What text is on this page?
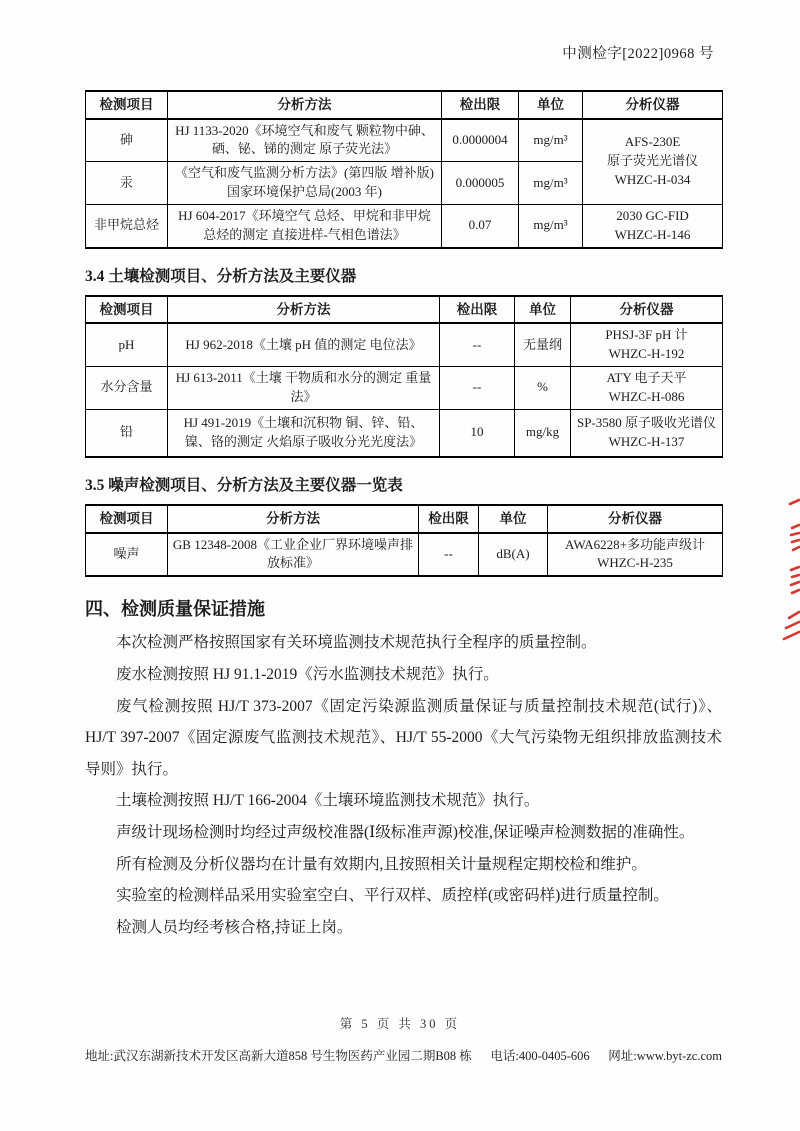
中测检字[2022]0968 号
检测项目	分析方法	检出限	单位	分析仪器
砷	HJ 1133-2020《环境空气和废气 颗粒物中砷、硒、铋、锑的测定 原子荧光法》	0.0000004	mg/m³	AFS-230E
原子荧光光谱仪
WHZC-H-034

汞	《空气和废气监测分析方法》(第四版 增补版)国家环境保护总局(2003 年)	0.000005	mg/m³	
非甲烷总烃	HJ 604-2017《环境空气 总烃、甲烷和非甲烷总烃的测定 直接进样-气相色谱法》	0.07	mg/m³	2030 GC-FID
WHZC-H-146
3.4 土壤检测项目、分析方法及主要仪器
检测项目	分析方法	检出限	单位	分析仪器
pH	HJ 962-2018《土壤 pH 值的测定 电位法》	--	无量纲	PHSJ-3F pH 计
WHZC-H-192

水分含量	HJ 613-2011《土壤 干物质和水分的测定 重量法》	--	%	ATY 电子天平
WHZC-H-086

铅	HJ 491-2019《土壤和沉积物 铜、锌、铅、镍、铬的测定 火焰原子吸收分光光度法》	10	mg/kg	SP-3580 原子吸收光谱仪 WHZC-H-137
3.5 噪声检测项目、分析方法及主要仪器一览表
检测项目	分析方法	检出限	单位	分析仪器
噪声	GB 12348-2008《工业企业厂界环境噪声排放标准》	--	dB(A)	AWA6228+多功能声级计
WHZC-H-235
四、检测质量保证措施

本次检测严格按照国家有关环境监测技术规范执行全程序的质量控制。

废水检测按照 HJ 91.1-2019《污水监测技术规范》执行。

废气检测按照 HJ/T 373-2007《固定污染源监测质量保证与质量控制技术规范(试行)》、HJ/T 397-2007《固定源废气监测技术规范》、HJ/T 55-2000《大气污染物无组织排放监测技术导则》执行。

土壤检测按照 HJ/T 166-2004《土壤环境监测技术规范》执行。

声级计现场检测时均经过声级校准器(Ⅰ级标准声源)校准,保证噪声检测数据的准确性。

所有检测及分析仪器均在计量有效期内,且按照相关计量规程定期校检和维护。

实验室的检测样品采用实验室空白、平行双样、质控样(或密码样)进行质量控制。

检测人员均经考核合格,持证上岗。

第 5 页 共 30 页
地址:武汉东湖新技术开发区高新大道858 号生物医药产业园二期B08 栋 电话:400-0405-606 网址:www.byt-zc.com
